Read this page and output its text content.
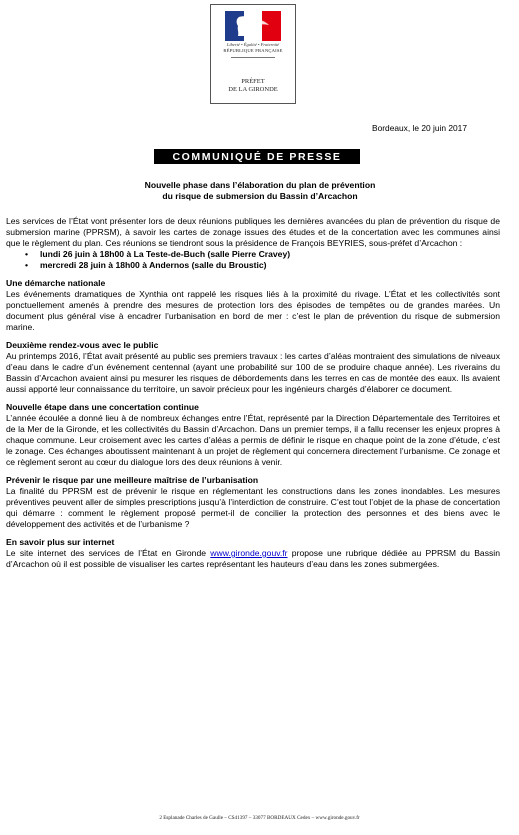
Liberté • Égalité • Fraternité
RÉPUBLIQUE FRANÇAISE
PRÉFET
DE LA GIRONDE
Bordeaux, le 20 juin 2017
COMMUNIQUÉ DE PRESSE
Nouvelle phase dans l’élaboration du plan de prévention
du risque de submersion du Bassin d’Arcachon

Les services de l’État vont présenter lors de deux réunions publiques les dernières avancées du plan de prévention du risque de submersion marine (PPRSM), à savoir les cartes de zonage issues des études et de la concertation avec les communes ainsi que le règlement du plan. Ces réunions se tiendront sous la présidence de François BEYRIES, sous-préfet d’Arcachon :

• lundi 26 juin à 18h00 à La Teste-de-Buch (salle Pierre Cravey)
• mercredi 28 juin à 18h00 à Andernos (salle du Broustic)
Une démarche nationale

Les événements dramatiques de Xynthia ont rappelé les risques liés à la proximité du rivage. L’État et les collectivités sont ponctuellement amenés à prendre des mesures de protection lors des épisodes de tempêtes ou de grandes marées. Un document plus général vise à encadrer l’urbanisation en bord de mer : c’est le plan de prévention du risque de submersion marine.

Deuxième rendez-vous avec le public

Au printemps 2016, l’État avait présenté au public ses premiers travaux : les cartes d’aléas montraient des simulations de niveaux d’eau dans le cadre d’un événement centennal (ayant une probabilité sur 100 de se produire chaque année). Les riverains du Bassin d’Arcachon avaient ainsi pu mesurer les risques de débordements dans les terres en cas de montée des eaux. Ils avaient aussi apporté leur connaissance du territoire, un savoir précieux pour les ingénieurs chargés d’élaborer ce document.

Nouvelle étape dans une concertation continue

L’année écoulée a donné lieu à de nombreux échanges entre l’État, représenté par la Direction Départementale des Territoires et de la Mer de la Gironde, et les collectivités du Bassin d’Arcachon. Dans un premier temps, il a fallu recenser les enjeux propres à chaque commune. Leur croisement avec les cartes d’aléas a permis de définir le risque en chaque point de la zone d’étude, c’est le zonage. Ces échanges aboutissent maintenant à un projet de règlement qui concernera directement l’urbanisme. Ce zonage et ce règlement seront au cœur du dialogue lors des deux réunions à venir.

Prévenir le risque par une meilleure maîtrise de l’urbanisation

La finalité du PPRSM est de prévenir le risque en réglementant les constructions dans les zones inondables. Les mesures préventives peuvent aller de simples prescriptions jusqu’à l’interdiction de construire. C’est tout l’objet de la phase de concertation qui démarre : comment le règlement proposé permet-il de concilier la protection des personnes et des biens avec le développement des activités et de l’urbanisme ?

En savoir plus sur internet

Le site internet des services de l’État en Gironde www.gironde.gouv.fr propose une rubrique dédiée au PPRSM du Bassin d’Arcachon où il est possible de visualiser les cartes représentant les hauteurs d’eau dans les zones submergées.

2 Esplanade Charles de Gaulle – CS41397 – 33077 BORDEAUX Cedex – www.gironde.gouv.fr
